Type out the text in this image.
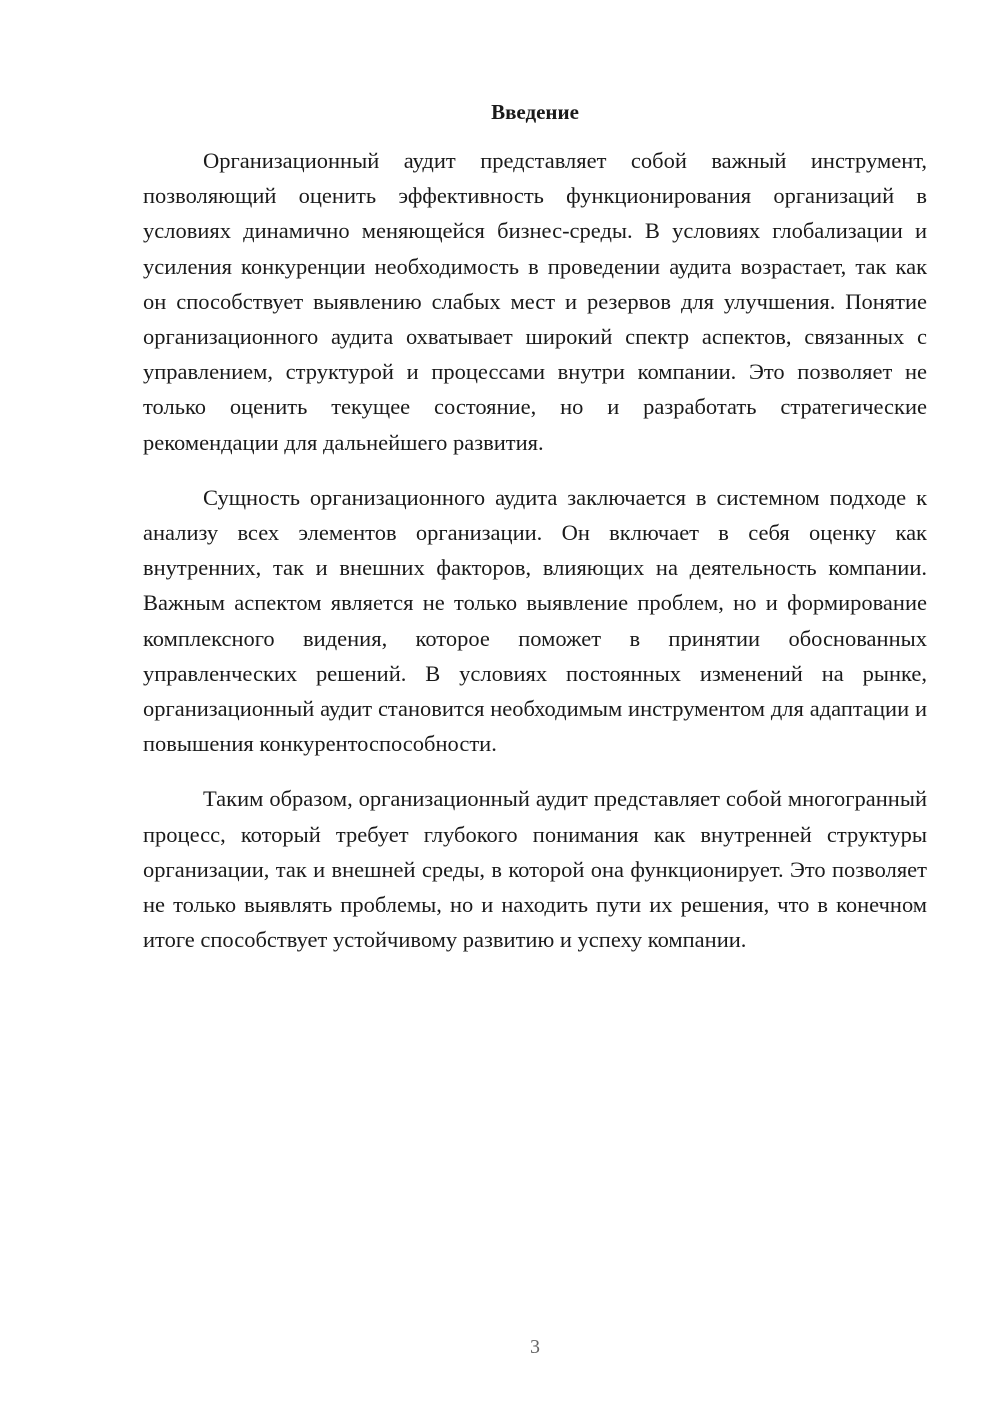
Введение

Организационный аудит представляет собой важный инструмент, позволяющий оценить эффективность функционирования организаций в условиях динамично меняющейся бизнес-среды. В условиях глобализации и усиления конкуренции необходимость в проведении аудита возрастает, так как он способствует выявлению слабых мест и резервов для улучшения. Понятие организационного аудита охватывает широкий спектр аспектов, связанных с управлением, структурой и процессами внутри компании. Это позволяет не только оценить текущее состояние, но и разработать стратегические рекомендации для дальнейшего развития.

Сущность организационного аудита заключается в системном подходе к анализу всех элементов организации. Он включает в себя оценку как внутренних, так и внешних факторов, влияющих на деятельность компании. Важным аспектом является не только выявление проблем, но и формирование комплексного видения, которое поможет в принятии обоснованных управленческих решений. В условиях постоянных изменений на рынке, организационный аудит становится необходимым инструментом для адаптации и повышения конкурентоспособности.

Таким образом, организационный аудит представляет собой многогранный процесс, который требует глубокого понимания как внутренней структуры организации, так и внешней среды, в которой она функционирует. Это позволяет не только выявлять проблемы, но и находить пути их решения, что в конечном итоге способствует устойчивому развитию и успеху компании.

3
